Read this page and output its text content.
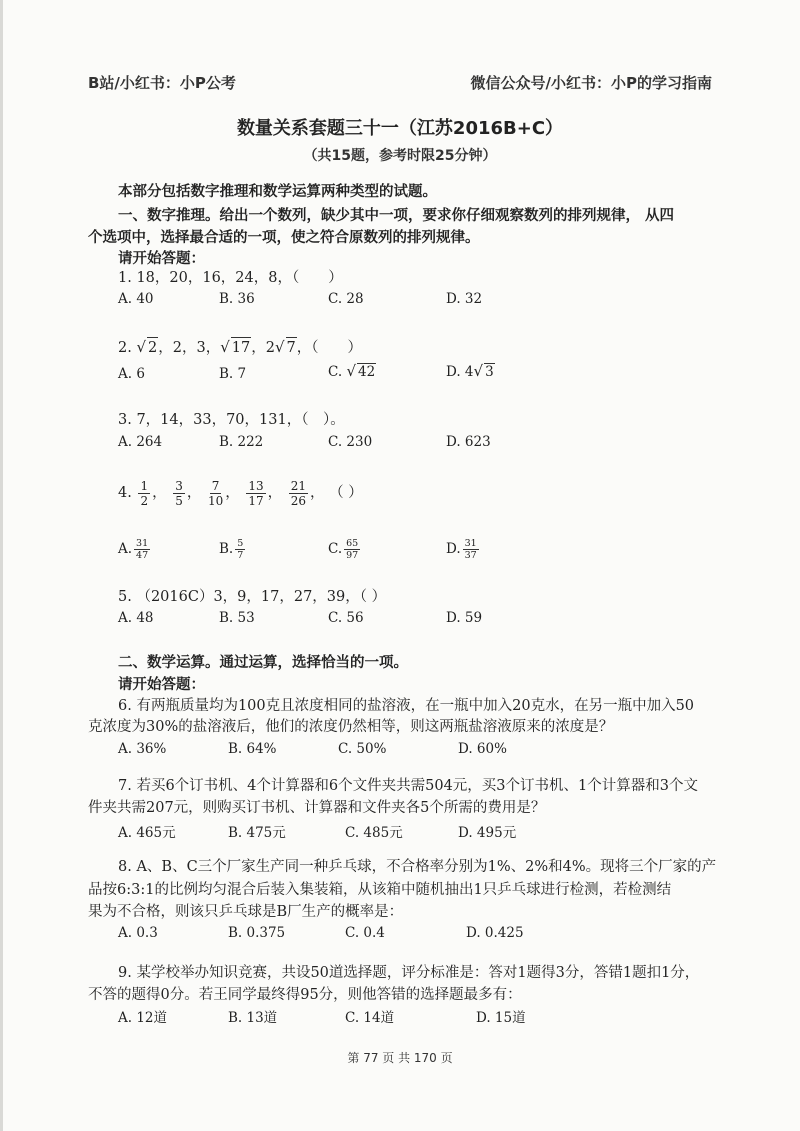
B站/小红书：小P公考	微信公众号/小红书：小P的学习指南
数量关系套题三十一（江苏2016B+C）
（共15题，参考时限25分钟）
本部分包括数字推理和数学运算两种类型的试题。
一、数字推理。给出一个数列，缺少其中一项，要求你仔细观察数列的排列规律， 从四
个选项中，选择最合适的一项，使之符合原数列的排列规律。
请开始答题：
1. 18，20，16，24，8，（　　）
A. 40	B. 36	C. 28	D. 32
2. √ 2，2，3，√ 17，2√ 7，（　　）
A. 6	B. 7	C. √ 42	D. 4√ 3
3. 7，14，33，70，131，（　）。
A. 264	B. 222	C. 230	D. 623
4. $\frac{1}{2}$ ， $\frac{3}{5}$ ， $\frac{7}{10}$ ， $\frac{13}{17}$ ， $\frac{21}{26}$ ， （ ）
A. $\frac{31}{47}$	B. $\frac{5}{7}$	C. $\frac{65}{97}$	D. $\frac{31}{37}$
5. （2016C）3，9，17，27，39，（ ）
A. 48	B. 53	C. 56	D. 59
二、数学运算。通过运算，选择恰当的一项。
请开始答题：
6. 有两瓶质量均为100克且浓度相同的盐溶液，在一瓶中加入20克水，在另一瓶中加入50
克浓度为30%的盐溶液后，他们的浓度仍然相等，则这两瓶盐溶液原来的浓度是？
A. 36%	B. 64%	C. 50%	D. 60%
7. 若买6个订书机、4个计算器和6个文件夹共需504元，买3个订书机、1个计算器和3个文
件夹共需207元，则购买订书机、计算器和文件夹各5个所需的费用是？
A. 465元	B. 475元	C. 485元	D. 495元
8. A、B、C三个厂家生产同一种乒乓球，不合格率分别为1%、2%和4%。现将三个厂家的产
品按6:3:1的比例均匀混合后装入集装箱，从该箱中随机抽出1只乒乓球进行检测，若检测结
果为不合格，则该只乒乓球是B厂生产的概率是：
A. 0.3	B. 0.375	C. 0.4	D. 0.425
9. 某学校举办知识竞赛，共设50道选择题，评分标准是：答对1题得3分，答错1题扣1分，
不答的题得0分。若王同学最终得95分，则他答错的选择题最多有：
A. 12道	B. 13道	C. 14道	D. 15道
第 77 页 共 170 页
